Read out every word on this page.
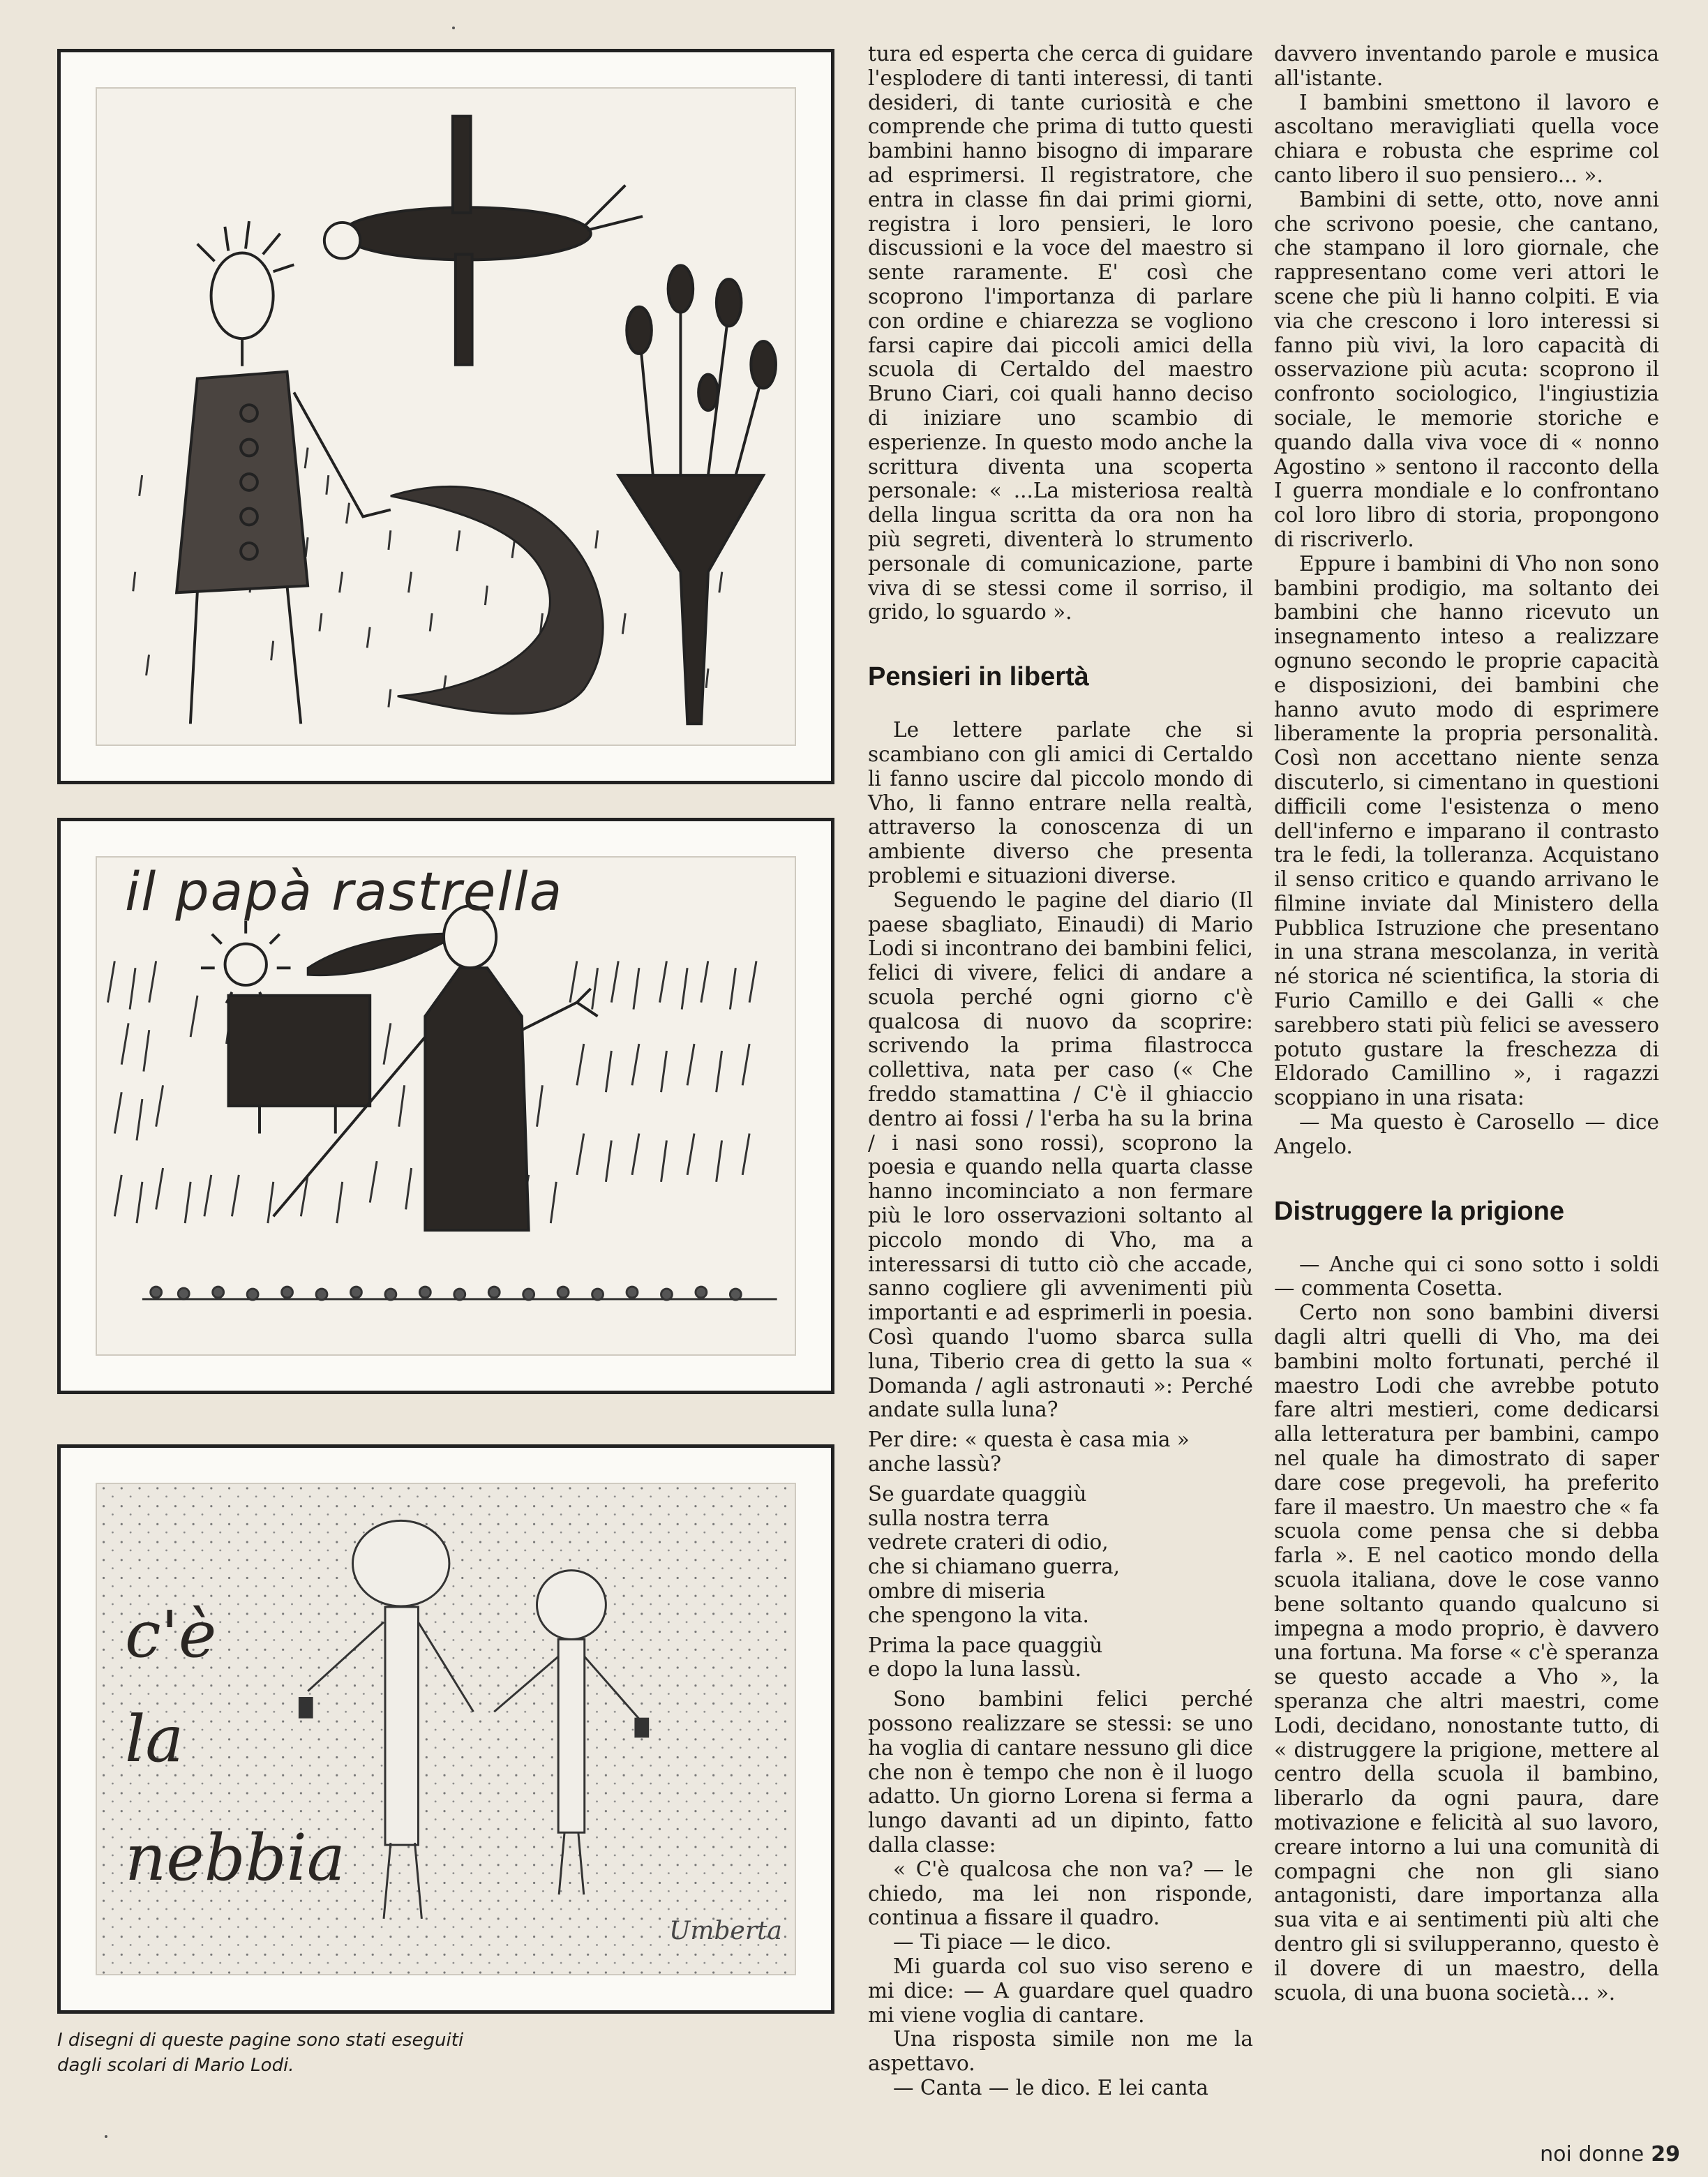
il papà rastrella
c'è
la
nebbia
Umberta
I disegni di queste pagine sono stati eseguiti dagli scolari di Mario Lodi.

tura ed esperta che cerca di guidare l'esplodere di tanti interessi, di tanti desideri, di tante curiosità e che comprende che prima di tutto questi bambini hanno bisogno di imparare ad esprimersi. Il registratore, che entra in classe fin dai primi giorni, registra i loro pensieri, le loro discussioni e la voce del maestro si sente raramente. E' così che scoprono l'importanza di parlare con ordine e chiarezza se vogliono farsi capire dai piccoli amici della scuola di Certaldo del maestro Bruno Ciari, coi quali hanno deciso di iniziare uno scambio di esperienze. In questo modo anche la scrittura diventa una scoperta personale: « ...La misteriosa realtà della lingua scritta da ora non ha più segreti, diventerà lo strumento personale di comunicazione, parte viva di se stessi come il sorriso, il grido, lo sguardo ».

Pensieri in libertà

Le lettere parlate che si scambiano con gli amici di Certaldo li fanno uscire dal piccolo mondo di Vho, li fanno entrare nella realtà, attraverso la conoscenza di un ambiente diverso che presenta problemi e situazioni diverse.

Seguendo le pagine del diario (Il paese sbagliato, Einaudi) di Mario Lodi si incontrano dei bambini felici, felici di vivere, felici di andare a scuola perché ogni giorno c'è qualcosa di nuovo da scoprire: scrivendo la prima filastrocca collettiva, nata per caso (« Che freddo stamattina / C'è il ghiaccio dentro ai fossi / l'erba ha su la brina / i nasi sono rossi), scoprono la poesia e quando nella quarta classe hanno incominciato a non fermare più le loro osservazioni soltanto al piccolo mondo di Vho, ma a interessarsi di tutto ciò che accade, sanno cogliere gli avvenimenti più importanti e ad esprimerli in poesia. Così quando l'uomo sbarca sulla luna, Tiberio crea di getto la sua « Domanda / agli astronauti »: Perché andate sulla luna?

Per dire: « questa è casa mia »
anche lassù?

Se guardate quaggiù
sulla nostra terra
vedrete crateri di odio,
che si chiamano guerra,
ombre di miseria
che spengono la vita.

Prima la pace quaggiù
e dopo la luna lassù.

Sono bambini felici perché possono realizzare se stessi: se uno ha voglia di cantare nessuno gli dice che non è tempo che non è il luogo adatto. Un giorno Lorena si ferma a lungo davanti ad un dipinto, fatto dalla classe:

« C'è qualcosa che non va? — le chiedo, ma lei non risponde, continua a fissare il quadro.

— Ti piace — le dico.

Mi guarda col suo viso sereno e mi dice: — A guardare quel quadro mi viene voglia di cantare.

Una risposta simile non me la aspettavo.

— Canta — le dico. E lei canta

davvero inventando parole e musica all'istante.

I bambini smettono il lavoro e ascoltano meravigliati quella voce chiara e robusta che esprime col canto libero il suo pensiero... ».

Bambini di sette, otto, nove anni che scrivono poesie, che cantano, che stampano il loro giornale, che rappresentano come veri attori le scene che più li hanno colpiti. E via via che crescono i loro interessi si fanno più vivi, la loro capacità di osservazione più acuta: scoprono il confronto sociologico, l'ingiustizia sociale, le memorie storiche e quando dalla viva voce di « nonno Agostino » sentono il racconto della I guerra mondiale e lo confrontano col loro libro di storia, propongono di riscriverlo.

Eppure i bambini di Vho non sono bambini prodigio, ma soltanto dei bambini che hanno ricevuto un insegnamento inteso a realizzare ognuno secondo le proprie capacità e disposizioni, dei bambini che hanno avuto modo di esprimere liberamente la propria personalità. Così non accettano niente senza discuterlo, si cimentano in questioni difficili come l'esistenza o meno dell'inferno e imparano il contrasto tra le fedi, la tolleranza. Acquistano il senso critico e quando arrivano le filmine inviate dal Ministero della Pubblica Istruzione che presentano in una strana mescolanza, in verità né storica né scientifica, la storia di Furio Camillo e dei Galli « che sarebbero stati più felici se avessero potuto gustare la freschezza di Eldorado Camillino », i ragazzi scoppiano in una risata:

— Ma questo è Carosello — dice Angelo.

Distruggere la prigione

— Anche qui ci sono sotto i soldi — commenta Cosetta.

Certo non sono bambini diversi dagli altri quelli di Vho, ma dei bambini molto fortunati, perché il maestro Lodi che avrebbe potuto fare altri mestieri, come dedicarsi alla letteratura per bambini, campo nel quale ha dimostrato di saper dare cose pregevoli, ha preferito fare il maestro. Un maestro che « fa scuola come pensa che si debba farla ». E nel caotico mondo della scuola italiana, dove le cose vanno bene soltanto quando qualcuno si impegna a modo proprio, è davvero una fortuna. Ma forse « c'è speranza se questo accade a Vho », la speranza che altri maestri, come Lodi, decidano, nonostante tutto, di « distruggere la prigione, mettere al centro della scuola il bambino, liberarlo da ogni paura, dare motivazione e felicità al suo lavoro, creare intorno a lui una comunità di compagni che non gli siano antagonisti, dare importanza alla sua vita e ai sentimenti più alti che dentro gli si svilupperanno, questo è il dovere di un maestro, della scuola, di una buona società... ».

noi donne 29
